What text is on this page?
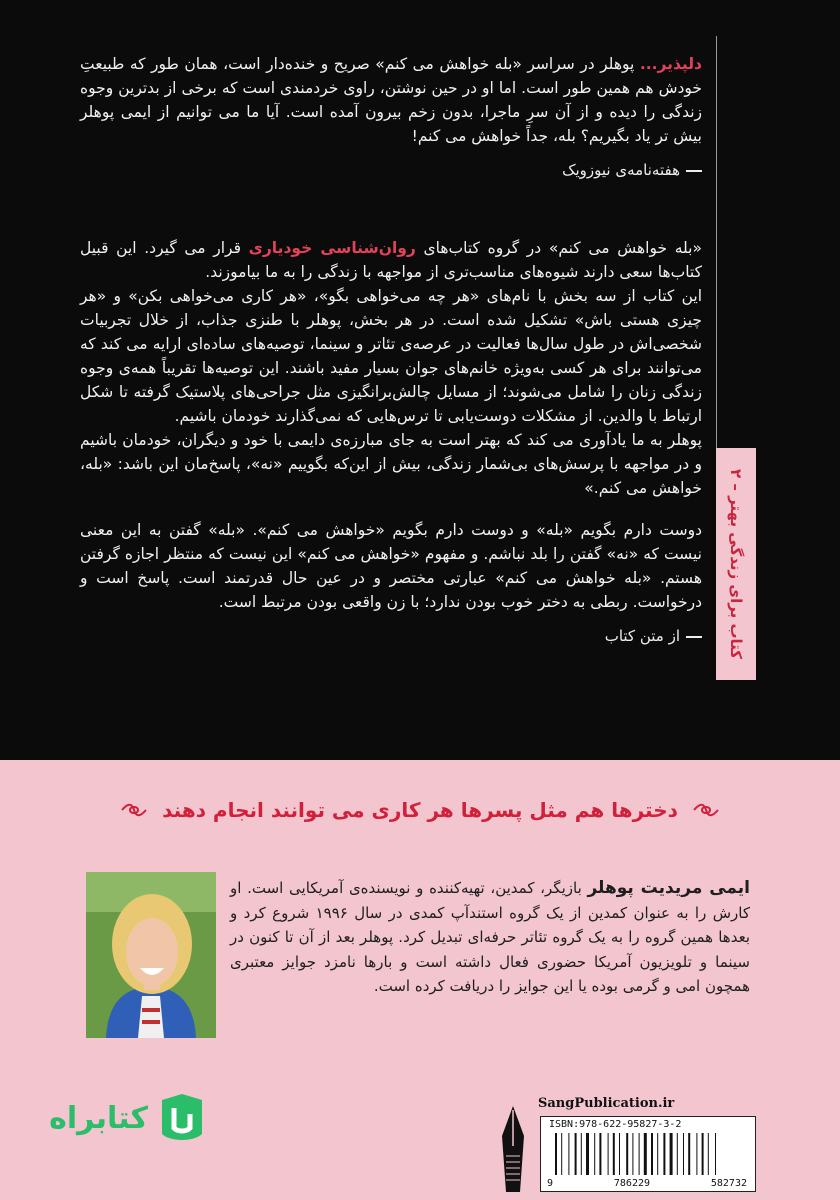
دلپذیر... پوهلر در سراسر «بله خواهش می کنم» صریح و خنده‌دار است، همان طور که طبیعتِ خودش هم همین طور است. اما او در حین نوشتن، راوی خردمندی است که برخی از بدترین وجوه زندگی را دیده و از آن سرِ ماجرا، بدون زخم بیرون آمده است. آیا ما می توانیم از ایمی پوهلر بیش تر یاد بگیریم؟ بله، جداً خواهش می کنم!

هفته‌نامه‌ی نیوزویک

«بله خواهش می کنم» در گروه کتاب‌های روان‌شناسی خودیاری قرار می گیرد. این قبیل کتاب‌ها سعی دارند شیوه‌های مناسب‌تری از مواجهه با زندگی را به ما بیاموزند.

این کتاب از سه بخش با نام‌های «هر چه می‌خواهی بگو»، «هر کاری می‌خواهی بکن» و «هر چیزی هستی باش» تشکیل شده است. در هر بخش، پوهلر با طنزی جذاب، از خلال تجربیات شخصی‌اش در طول سال‌ها فعالیت در عرصه‌ی تئاتر و سینما، توصیه‌های ساده‌ای ارایه می کند که می‌توانند برای هر کسی به‌ویژه خانم‌های جوان بسیار مفید باشند. این توصیه‌ها تقریباً همه‌ی وجوه زندگی زنان را شامل می‌شوند؛ از مسایل چالش‌برانگیزی مثل جراحی‌های پلاستیک گرفته تا شکل ارتباط با والدین. از مشکلات دوست‌یابی تا ترس‌هایی که نمی‌گذارند خودمان باشیم.

پوهلر به ما یادآوری می کند که بهتر است به جای مبارزه‌ی دایمی با خود و دیگران، خودمان باشیم و در مواجهه با پرسش‌های بی‌شمار زندگی، بیش از این‌که بگوییم «نه»، پاسخ‌مان این باشد: «بله، خواهش می کنم.»

دوست دارم بگویم «بله» و دوست دارم بگویم «خواهش می کنم». «بله» گفتن به این معنی نیست که «نه» گفتن را بلد نباشم. و مفهوم «خواهش می کنم» این نیست که منتظر اجازه گرفتن هستم. «بله خواهش می کنم» عبارتی مختصر و در عین حال قدرتمند است. پاسخ است و درخواست. ربطی به دختر خوب بودن ندارد؛ با زن واقعی بودن مرتبط است.

از متن کتاب
کتاب برای زندگی بهتر – ۲
دخترها هم مثل پسرها هر کاری می توانند انجام دهند
ایمی مریدیت پوهلر بازیگر، کمدین، تهیه‌کننده و نویسنده‌ی آمریکایی است. او کارش را به عنوان کمدین از یک گروه استندآپ کمدی در سال ۱۹۹۶ شروع کرد و بعدها همین گروه را به یک گروه تئاتر حرفه‌ای تبدیل کرد. پوهلر بعد از آن تا کنون در سینما و تلویزیون آمریکا حضوری فعال داشته است و بارها نامزد جوایز معتبری همچون امی و گرمی بوده یا این جوایز را دریافت کرده است.
کتابراه	SangPublication.ir
ISBN:978-622-95827-3-2
9	786229	582732
